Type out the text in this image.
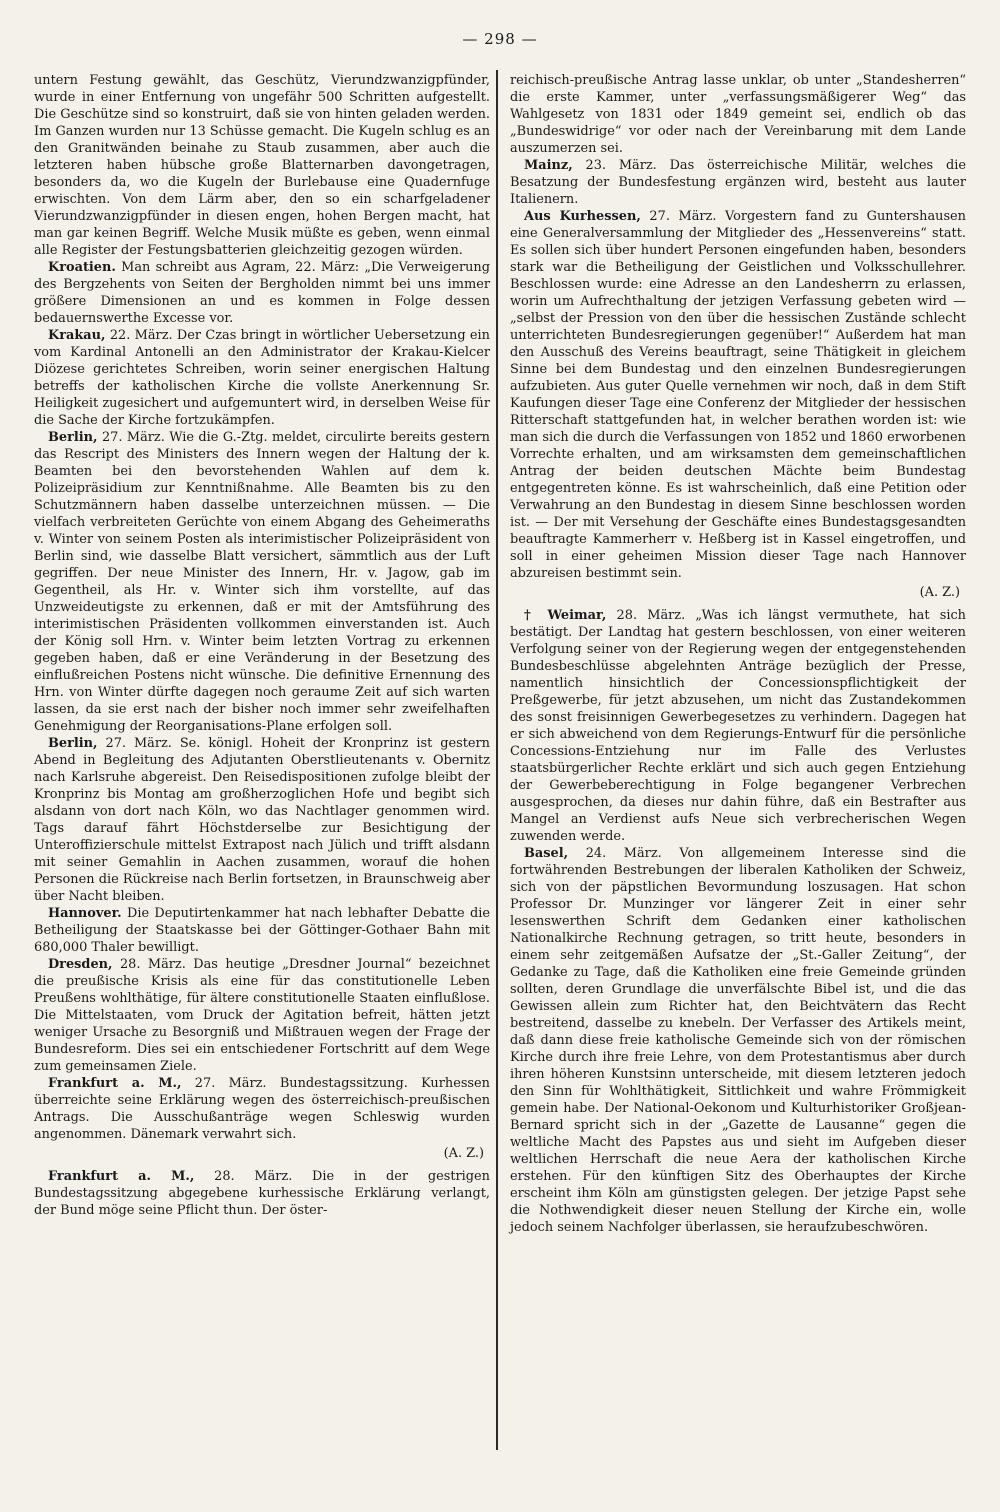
— 298 —

untern Festung gewählt, das Geschütz, Vierundzwanzigpfünder, wurde in einer Entfernung von ungefähr 500 Schritten aufgestellt. Die Geschütze sind so konstruirt, daß sie von hinten geladen werden. Im Ganzen wurden nur 13 Schüsse gemacht. Die Kugeln schlug es an den Granitwänden beinahe zu Staub zusammen, aber auch die letzteren haben hübsche große Blatternarben davongetragen, besonders da, wo die Kugeln der Burlebause eine Quadernfuge erwischten. Von dem Lärm aber, den so ein scharfgeladener Vierundzwanzigpfünder in diesen engen, hohen Bergen macht, hat man gar keinen Begriff. Welche Musik müßte es geben, wenn einmal alle Register der Festungsbatterien gleichzeitig gezogen würden.

Kroatien. Man schreibt aus Agram, 22. März: „Die Verweigerung des Bergzehents von Seiten der Bergholden nimmt bei uns immer größere Dimensionen an und es kommen in Folge dessen bedauernswerthe Excesse vor.

Krakau, 22. März. Der Czas bringt in wörtlicher Uebersetzung ein vom Kardinal Antonelli an den Administrator der Krakau-Kielcer Diözese gerichtetes Schreiben, worin seiner energischen Haltung betreffs der katholischen Kirche die vollste Anerkennung Sr. Heiligkeit zugesichert und aufgemuntert wird, in derselben Weise für die Sache der Kirche fortzukämpfen.

Berlin, 27. März. Wie die G.-Ztg. meldet, circulirte bereits gestern das Rescript des Ministers des Innern wegen der Haltung der k. Beamten bei den bevorstehenden Wahlen auf dem k. Polizeipräsidium zur Kenntnißnahme. Alle Beamten bis zu den Schutzmännern haben dasselbe unterzeichnen müssen. — Die vielfach verbreiteten Gerüchte von einem Abgang des Geheimeraths v. Winter von seinem Posten als interimistischer Polizeipräsident von Berlin sind, wie dasselbe Blatt versichert, sämmtlich aus der Luft gegriffen. Der neue Minister des Innern, Hr. v. Jagow, gab im Gegentheil, als Hr. v. Winter sich ihm vorstellte, auf das Unzweideutigste zu erkennen, daß er mit der Amtsführung des interimistischen Präsidenten vollkommen einverstanden ist. Auch der König soll Hrn. v. Winter beim letzten Vortrag zu erkennen gegeben haben, daß er eine Veränderung in der Besetzung des einflußreichen Postens nicht wünsche. Die definitive Ernennung des Hrn. von Winter dürfte dagegen noch geraume Zeit auf sich warten lassen, da sie erst nach der bisher noch immer sehr zweifelhaften Genehmigung der Reorganisations-Plane erfolgen soll.

Berlin, 27. März. Se. königl. Hoheit der Kronprinz ist gestern Abend in Begleitung des Adjutanten Oberstlieutenants v. Obernitz nach Karlsruhe abgereist. Den Reisedispositionen zufolge bleibt der Kronprinz bis Montag am großherzoglichen Hofe und begibt sich alsdann von dort nach Köln, wo das Nachtlager genommen wird. Tags darauf fährt Höchstderselbe zur Besichtigung der Unteroffizierschule mittelst Extrapost nach Jülich und trifft alsdann mit seiner Gemahlin in Aachen zusammen, worauf die hohen Personen die Rückreise nach Berlin fortsetzen, in Braunschweig aber über Nacht bleiben.

Hannover. Die Deputirtenkammer hat nach lebhafter Debatte die Betheiligung der Staatskasse bei der Göttinger-Gothaer Bahn mit 680,000 Thaler bewilligt.

Dresden, 28. März. Das heutige „Dresdner Journal“ bezeichnet die preußische Krisis als eine für das constitutionelle Leben Preußens wohlthätige, für ältere constitutionelle Staaten einflußlose. Die Mittelstaaten, vom Druck der Agitation befreit, hätten jetzt weniger Ursache zu Besorgniß und Mißtrauen wegen der Frage der Bundesreform. Dies sei ein entschiedener Fortschritt auf dem Wege zum gemeinsamen Ziele.

Frankfurt a. M., 27. März. Bundestagssitzung. Kurhessen überreichte seine Erklärung wegen des österreichisch-preußischen Antrags. Die Ausschußanträge wegen Schleswig wurden angenommen. Dänemark verwahrt sich.

(A. Z.)

Frankfurt a. M., 28. März. Die in der gestrigen Bundestagssitzung abgegebene kurhessische Erklärung verlangt, der Bund möge seine Pflicht thun. Der öster-

reichisch-preußische Antrag lasse unklar, ob unter „Standesherren“ die erste Kammer, unter „verfassungsmäßigerer Weg“ das Wahlgesetz von 1831 oder 1849 gemeint sei, endlich ob das „Bundeswidrige“ vor oder nach der Vereinbarung mit dem Lande auszumerzen sei.

Mainz, 23. März. Das österreichische Militär, welches die Besatzung der Bundesfestung ergänzen wird, besteht aus lauter Italienern.

Aus Kurhessen, 27. März. Vorgestern fand zu Guntershausen eine Generalversammlung der Mitglieder des „Hessenvereins“ statt. Es sollen sich über hundert Personen eingefunden haben, besonders stark war die Betheiligung der Geistlichen und Volksschullehrer. Beschlossen wurde: eine Adresse an den Landesherrn zu erlassen, worin um Aufrechthaltung der jetzigen Verfassung gebeten wird — „selbst der Pression von den über die hessischen Zustände schlecht unterrichteten Bundesregierungen gegenüber!“ Außerdem hat man den Ausschuß des Vereins beauftragt, seine Thätigkeit in gleichem Sinne bei dem Bundestag und den einzelnen Bundesregierungen aufzubieten. Aus guter Quelle vernehmen wir noch, daß in dem Stift Kaufungen dieser Tage eine Conferenz der Mitglieder der hessischen Ritterschaft stattgefunden hat, in welcher berathen worden ist: wie man sich die durch die Verfassungen von 1852 und 1860 erworbenen Vorrechte erhalten, und am wirksamsten dem gemeinschaftlichen Antrag der beiden deutschen Mächte beim Bundestag entgegentreten könne. Es ist wahrscheinlich, daß eine Petition oder Verwahrung an den Bundestag in diesem Sinne beschlossen worden ist. — Der mit Versehung der Geschäfte eines Bundestagsgesandten beauftragte Kammerherr v. Heßberg ist in Kassel eingetroffen, und soll in einer geheimen Mission dieser Tage nach Hannover abzureisen bestimmt sein.

(A. Z.)

† Weimar, 28. März. „Was ich längst vermuthete, hat sich bestätigt. Der Landtag hat gestern beschlossen, von einer weiteren Verfolgung seiner von der Regierung wegen der entgegenstehenden Bundesbeschlüsse abgelehnten Anträge bezüglich der Presse, namentlich hinsichtlich der Concessionspflichtigkeit der Preßgewerbe, für jetzt abzusehen, um nicht das Zustandekommen des sonst freisinnigen Gewerbegesetzes zu verhindern. Dagegen hat er sich abweichend von dem Regierungs-Entwurf für die persönliche Concessions-Entziehung nur im Falle des Verlustes staatsbürgerlicher Rechte erklärt und sich auch gegen Entziehung der Gewerbeberechtigung in Folge begangener Verbrechen ausgesprochen, da dieses nur dahin führe, daß ein Bestrafter aus Mangel an Verdienst aufs Neue sich verbrecherischen Wegen zuwenden werde.

Basel, 24. März. Von allgemeinem Interesse sind die fortwährenden Bestrebungen der liberalen Katholiken der Schweiz, sich von der päpstlichen Bevormundung loszusagen. Hat schon Professor Dr. Munzinger vor längerer Zeit in einer sehr lesenswerthen Schrift dem Gedanken einer katholischen Nationalkirche Rechnung getragen, so tritt heute, besonders in einem sehr zeitgemäßen Aufsatze der „St.-Galler Zeitung“, der Gedanke zu Tage, daß die Katholiken eine freie Gemeinde gründen sollten, deren Grundlage die unverfälschte Bibel ist, und die das Gewissen allein zum Richter hat, den Beichtvätern das Recht bestreitend, dasselbe zu knebeln. Der Verfasser des Artikels meint, daß dann diese freie katholische Gemeinde sich von der römischen Kirche durch ihre freie Lehre, von dem Protestantismus aber durch ihren höheren Kunstsinn unterscheide, mit diesem letzteren jedoch den Sinn für Wohlthätigkeit, Sittlichkeit und wahre Frömmigkeit gemein habe. Der National-Oekonom und Kulturhistoriker Großjean-Bernard spricht sich in der „Gazette de Lausanne“ gegen die weltliche Macht des Papstes aus und sieht im Aufgeben dieser weltlichen Herrschaft die neue Aera der katholischen Kirche erstehen. Für den künftigen Sitz des Oberhauptes der Kirche erscheint ihm Köln am günstigsten gelegen. Der jetzige Papst sehe die Nothwendigkeit dieser neuen Stellung der Kirche ein, wolle jedoch seinem Nachfolger überlassen, sie heraufzubeschwören.
